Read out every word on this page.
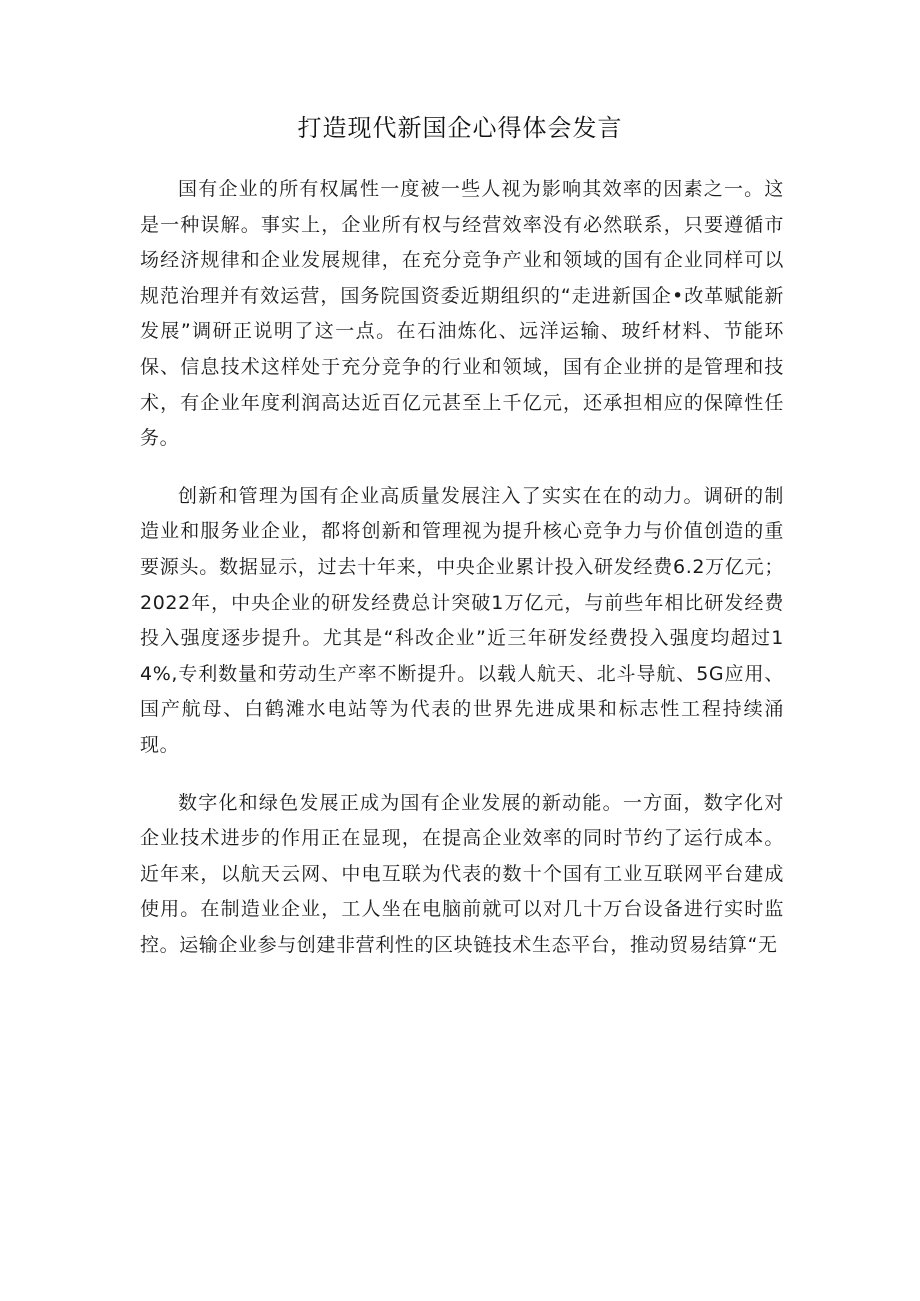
打造现代新国企心得体会发言

国有企业的所有权属性一度被一些人视为影响其效率的因素之一。这是一种误解。事实上，企业所有权与经营效率没有必然联系，只要遵循市场经济规律和企业发展规律，在充分竞争产业和领域的国有企业同样可以规范治理并有效运营，国务院国资委近期组织的“走进新国企•改革赋能新发展”调研正说明了这一点。在石油炼化、远洋运输、玻纤材料、节能环保、信息技术这样处于充分竞争的行业和领域，国有企业拼的是管理和技术，有企业年度利润高达近百亿元甚至上千亿元，还承担相应的保障性任务。

创新和管理为国有企业高质量发展注入了实实在在的动力。调研的制造业和服务业企业，都将创新和管理视为提升核心竞争力与价值创造的重要源头。数据显示，过去十年来，中央企业累计投入研发经费6.2万亿元；2022年，中央企业的研发经费总计突破1万亿元，与前些年相比研发经费投入强度逐步提升。尤其是“科改企业”近三年研发经费投入强度均超过14%,专利数量和劳动生产率不断提升。以载人航天、北斗导航、5G应用、国产航母、白鹤滩水电站等为代表的世界先进成果和标志性工程持续涌现。

数字化和绿色发展正成为国有企业发展的新动能。一方面，数字化对企业技术进步的作用正在显现，在提高企业效率的同时节约了运行成本。近年来，以航天云网、中电互联为代表的数十个国有工业互联网平台建成使用。在制造业企业，工人坐在电脑前就可以对几十万台设备进行实时监控。运输企业参与创建非营利性的区块链技术生态平台，推动贸易结算“无
